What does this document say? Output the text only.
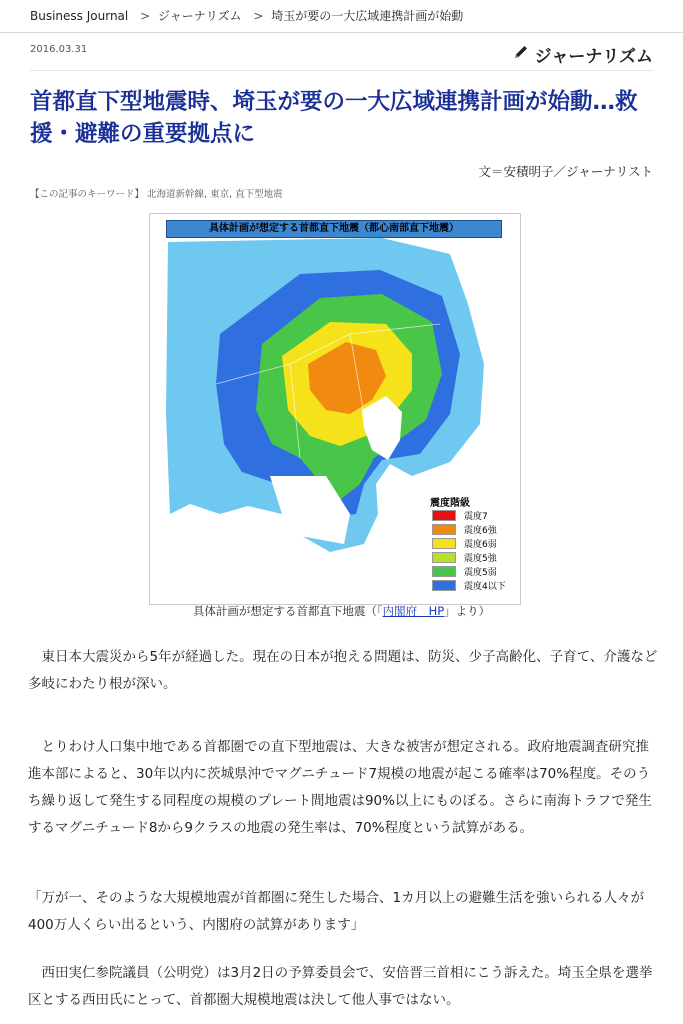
Business Journal > ジャーナリズム > 埼玉が要の一大広域連携計画が始動
2016.03.31	ジャーナリズム
首都直下型地震時、埼玉が要の一大広域連携計画が始動…救援・避難の重要拠点に
文＝安積明子／ジャーナリスト
【この記事のキーワード】 北海道新幹線, 東京, 直下型地震
具体計画が想定する首都直下地震（都心南部直下地震）
震度階級
震度7
震度6強
震度6弱
震度5強
震度5弱
震度4以下
具体計画が想定する首都直下地震（「内閣府　HP」より）

　東日本大震災から5年が経過した。現在の日本が抱える問題は、防災、少子高齢化、子育て、介護など多岐にわたり根が深い。

　とりわけ人口集中地である首都圏での直下型地震は、大きな被害が想定される。政府地震調査研究推進本部によると、30年以内に茨城県沖でマグニチュード7規模の地震が起こる確率は70%程度。そのうち繰り返して発生する同程度の規模のプレート間地震は90%以上にものぼる。さらに南海トラフで発生するマグニチュード8から9クラスの地震の発生率は、70%程度という試算がある。

「万が一、そのような大規模地震が首都圏に発生した場合、1カ月以上の避難生活を強いられる人々が400万人くらい出るという、内閣府の試算があります」

　西田実仁参院議員（公明党）は3月2日の予算委員会で、安倍晋三首相にこう訴えた。埼玉全県を選挙区とする西田氏にとって、首都圏大規模地震は決して他人事ではない。
